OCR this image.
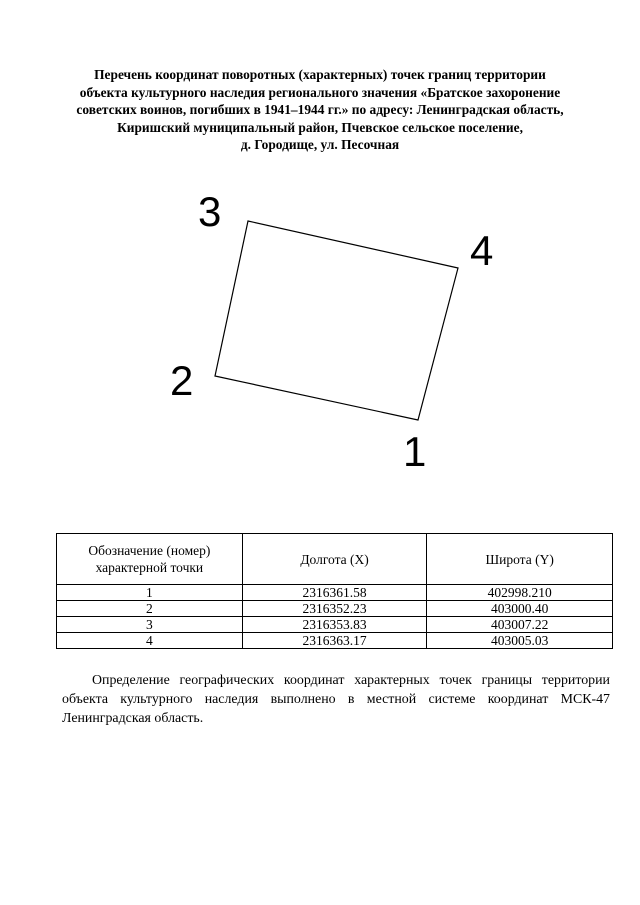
Перечень координат поворотных (характерных) точек границ территории
объекта культурного наследия регионального значения «Братское захоронение
советских воинов, погибших в 1941–1944 гг.» по адресу: Ленинградская область,
Киришский муниципальный район, Пчевское сельское поселение,
д. Городище, ул. Песочная
1
2
3
4
Обозначение (номер) характерной точки	Долгота (X)	Широта (Y)
1	2316361.58	402998.210
2	2316352.23	403000.40
3	2316353.83	403007.22
4	2316363.17	403005.03

Определение географических координат характерных точек границы территории объекта культурного наследия выполнено в местной системе координат МСК-47 Ленинградская область.
